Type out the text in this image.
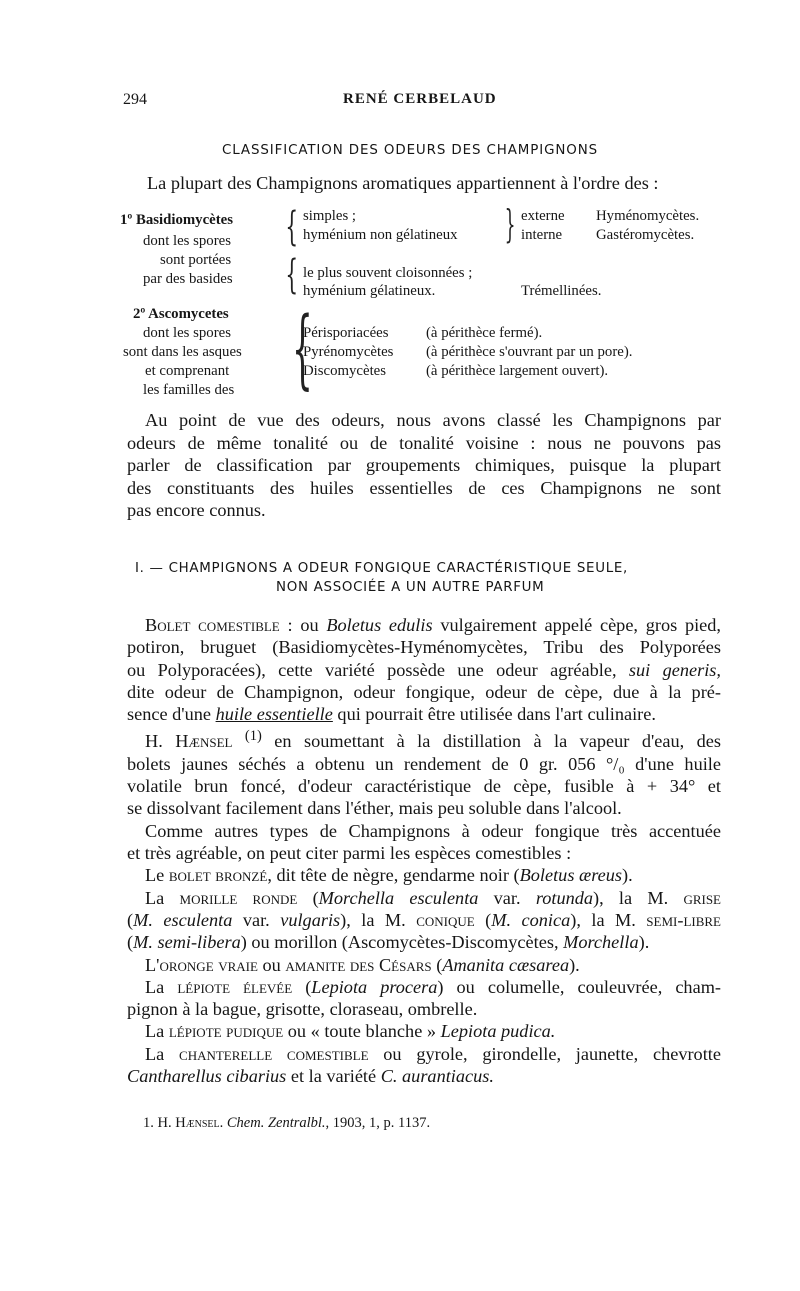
294	RENÉ CERBELAUD
CLASSIFICATION DES ODEURS DES CHAMPIGNONS
La plupart des Champignons aromatiques appartiennent à l'ordre des :
1º Basidiomycètes
dont les spores
sont portées
par des basides
{
{
simples ;
hyménium non gélatineux } externe
interne
Hyménomycètes.
Gastéromycètes.
le plus souvent cloisonnées ;
hyménium gélatineux.	Trémellinées.
2º Ascomycetes
dont les spores
sont dans les asques
et comprenant
les familles des {
Périsporiacées
Pyrénomycètes
Discomycètes
(à périthèce fermé).
(à périthèce s'ouvrant par un pore).
(à périthèce largement ouvert).
Au point de vue des odeurs, nous avons classé les Champignons par
odeurs de même tonalité ou de tonalité voisine : nous ne pouvons pas
parler de classification par groupements chimiques, puisque la plupart
des constituants des huiles essentielles de ces Champignons ne sont
pas encore connus.
I. — CHAMPIGNONS A ODEUR FONGIQUE CARACTÉRISTIQUE SEULE,
NON ASSOCIÉE A UN AUTRE PARFUM
Bolet comestible : ou Boletus edulis vulgairement appelé cèpe, gros pied,
potiron, bruguet (Basidiomycètes-Hyménomycètes, Tribu des Polyporées
ou Polyporacées), cette variété possède une odeur agréable, sui generis,
dite odeur de Champignon, odeur fongique, odeur de cèpe, due à la pré-
sence d'une huile essentielle qui pourrait être utilisée dans l'art culinaire.
H. Hænsel $^{(1)}$ en soumettant à la distillation à la vapeur d'eau, des
bolets jaunes séchés a obtenu un rendement de 0 gr. 056 °/₀ d'une huile
volatile brun foncé, d'odeur caractéristique de cèpe, fusible à + 34° et
se dissolvant facilement dans l'éther, mais peu soluble dans l'alcool.
Comme autres types de Champignons à odeur fongique très accentuée
et très agréable, on peut citer parmi les espèces comestibles :
Le bolet bronzé, dit tête de nègre, gendarme noir (Boletus æreus).
La morille ronde (Morchella esculenta var. rotunda), la M. grise
(M. esculenta var. vulgaris), la M. conique (M. conica), la M. semi-libre
(M. semi-libera) ou morillon (Ascomycètes-Discomycètes, Morchella).
L'oronge vraie ou amanite des Césars (Amanita cæsarea).
La lépiote élevée (Lepiota procera) ou columelle, couleuvrée, cham-
pignon à la bague, grisotte, cloraseau, ombrelle.
La lépiote pudique ou « toute blanche » Lepiota pudica.
La chanterelle comestible ou gyrole, girondelle, jaunette, chevrotte
Cantharellus cibarius et la variété C. aurantiacus.
1. H. Hænsel. Chem. Zentralbl., 1903, 1, p. 1137.
